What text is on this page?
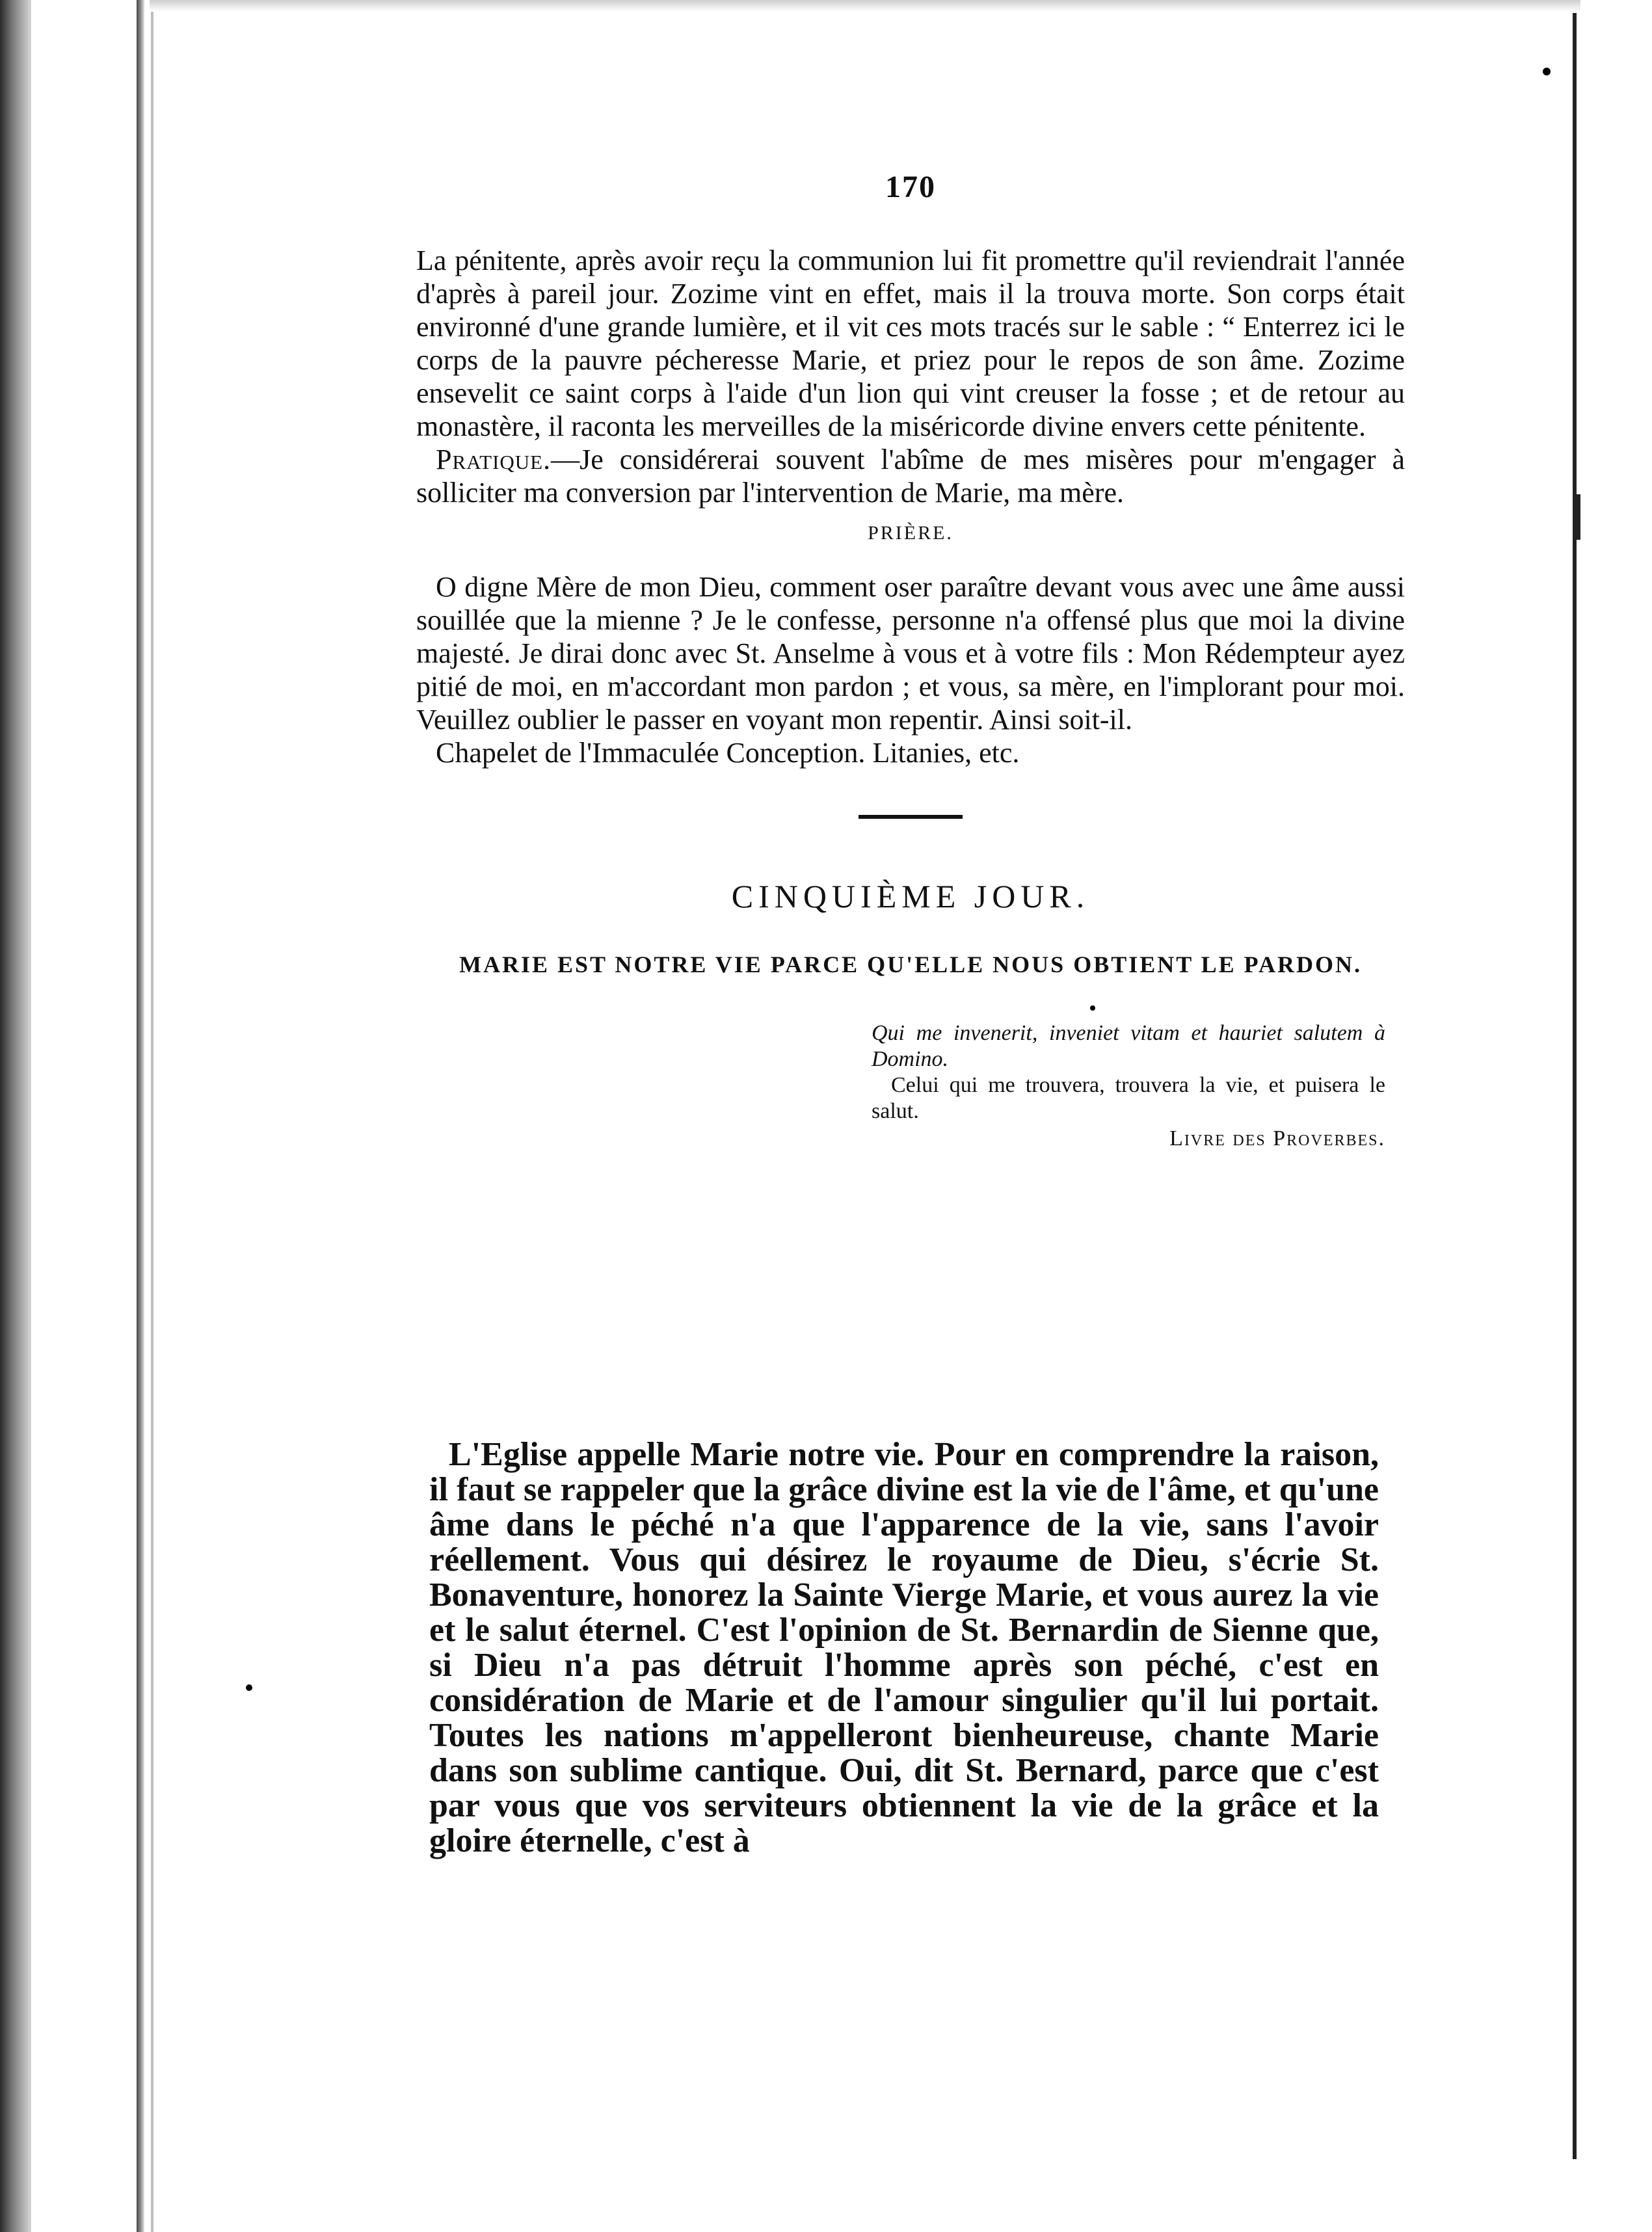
170

La pénitente, après avoir reçu la communion lui fit promettre qu'il reviendrait l'année d'après à pareil jour. Zozime vint en effet, mais il la trouva morte. Son corps était environné d'une grande lumière, et il vit ces mots tracés sur le sable : “ Enterrez ici le corps de la pauvre pécheresse Marie, et priez pour le repos de son âme. Zozime ensevelit ce saint corps à l'aide d'un lion qui vint creuser la fosse ; et de retour au monastère, il raconta les merveilles de la miséricorde divine envers cette pénitente.

Pratique.—Je considérerai souvent l'abîme de mes misères pour m'engager à solliciter ma conversion par l'intervention de Marie, ma mère.

PRIÈRE.

O digne Mère de mon Dieu, comment oser paraître devant vous avec une âme aussi souillée que la mienne ? Je le confesse, personne n'a offensé plus que moi la divine majesté. Je dirai donc avec St. Anselme à vous et à votre fils : Mon Rédempteur ayez pitié de moi, en m'accordant mon pardon ; et vous, sa mère, en l'implorant pour moi. Veuillez oublier le passer en voyant mon repentir. Ainsi soit-il.

Chapelet de l'Immaculée Conception. Litanies, etc.

CINQUIÈME JOUR.
MARIE EST NOTRE VIE PARCE QU'ELLE NOUS OBTIENT LE PARDON.
Qui me invenerit, inveniet vitam et hauriet salutem à Domino.
Celui qui me trouvera, trouvera la vie, et puisera le salut.
Livre des Proverbes.

L'Eglise appelle Marie notre vie. Pour en comprendre la raison, il faut se rappeler que la grâce divine est la vie de l'âme, et qu'une âme dans le péché n'a que l'apparence de la vie, sans l'avoir réellement. Vous qui désirez le royaume de Dieu, s'écrie St. Bonaventure, honorez la Sainte Vierge Marie, et vous aurez la vie et le salut éternel. C'est l'opinion de St. Bernardin de Sienne que, si Dieu n'a pas détruit l'homme après son péché, c'est en considération de Marie et de l'amour singulier qu'il lui portait. Toutes les nations m'appelleront bienheureuse, chante Marie dans son sublime cantique. Oui, dit St. Bernard, parce que c'est par vous que vos serviteurs obtiennent la vie de la grâce et la gloire éternelle, c'est à
